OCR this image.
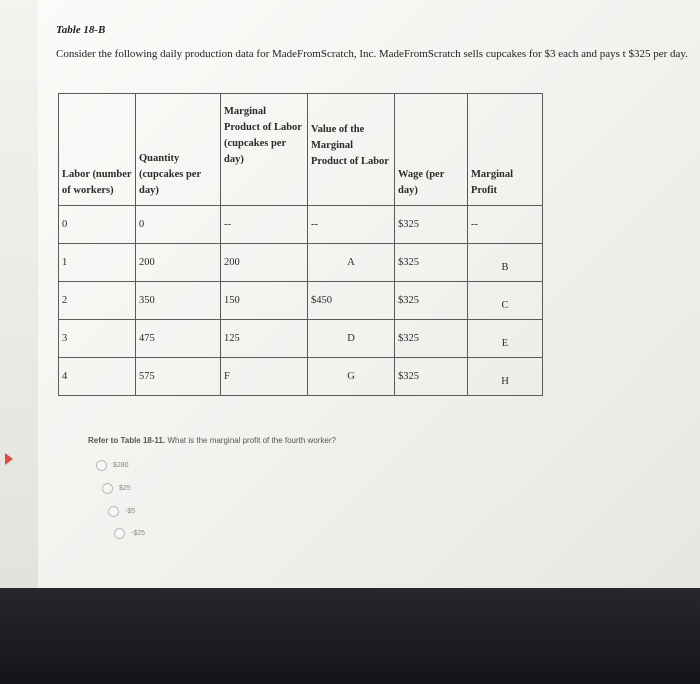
Table 18-B
Consider the following daily production data for MadeFromScratch, Inc. MadeFromScratch sells cupcakes for $3 each and pays t $325 per day.
Labor (number of workers)	Quantity (cupcakes per day)	Marginal Product of Labor (cupcakes per day)	Value of the Marginal Product of Labor	Wage (per day)	Marginal Profit
0	0	--	--	$325	--
1	200	200	A	$325	B
2	350	150	$450	$325	C
3	475	125	D	$325	E
4	575	F	G	$325	H
Refer to Table 18-11. What is the marginal profit of the fourth worker?
$280
$25
-$5
-$25
